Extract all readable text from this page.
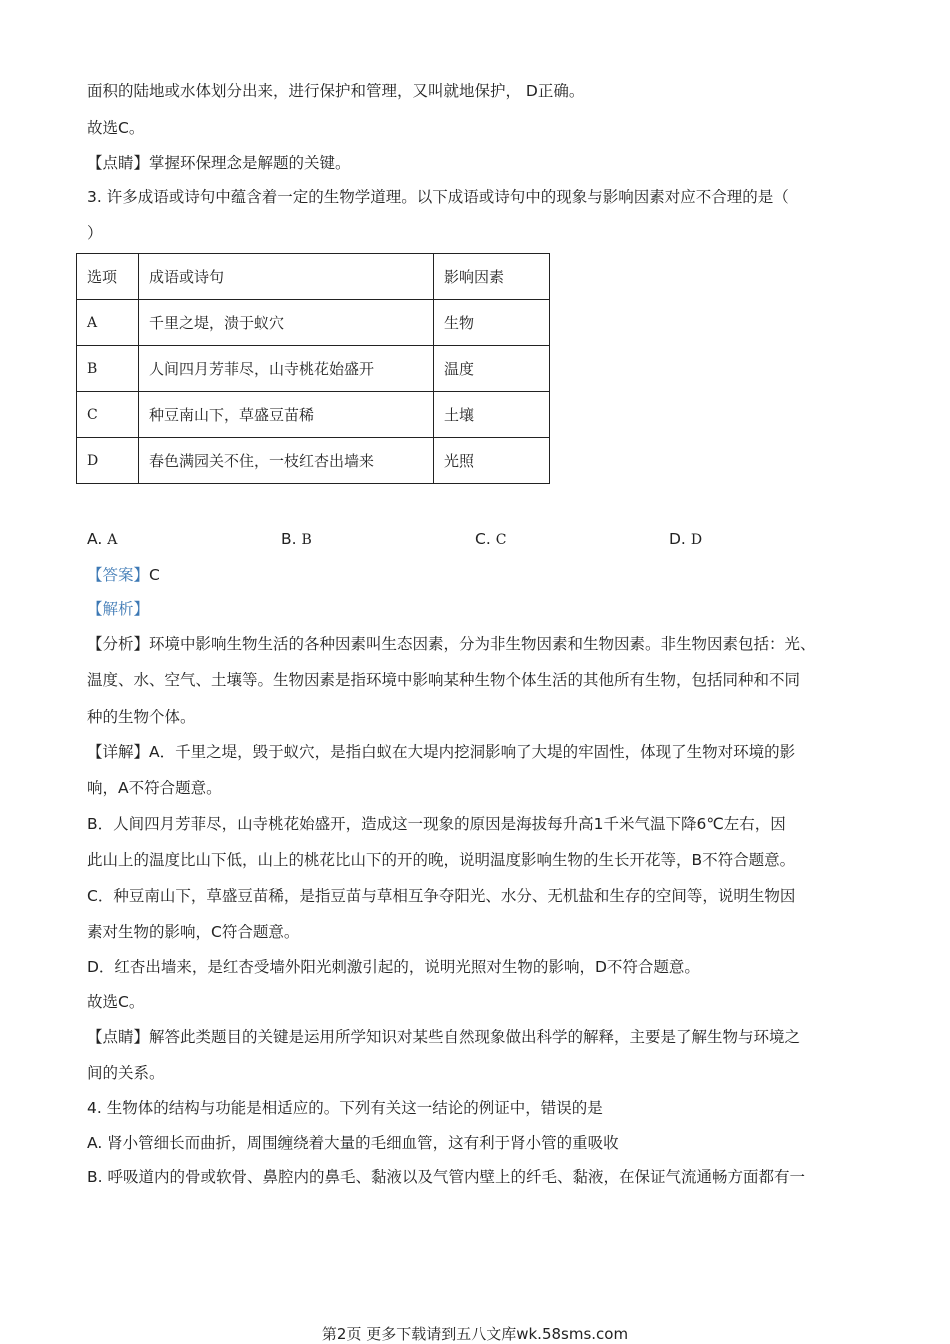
面积的陆地或水体划分出来，进行保护和管理，又叫就地保护， D正确。
故选C。
【点睛】掌握环保理念是解题的关键。
3. 许多成语或诗句中蕴含着一定的生物学道理。以下成语或诗句中的现象与影响因素对应不合理的是（
）
选项	成语或诗句	影响因素
A	千里之堤，溃于蚁穴	生物
B	人间四月芳菲尽，山寺桃花始盛开	温度
C	种豆南山下，草盛豆苗稀	土壤
D	春色满园关不住，一枝红杏出墙来	光照
A. A	B. B	C. C	D. D
【答案】C
【解析】
【分析】环境中影响生物生活的各种因素叫生态因素，分为非生物因素和生物因素。非生物因素包括：光、
温度、水、空气、土壤等。生物因素是指环境中影响某种生物个体生活的其他所有生物，包括同种和不同
种的生物个体。
【详解】A．千里之堤，毁于蚁穴，是指白蚁在大堤内挖洞影响了大堤的牢固性，体现了生物对环境的影
响，A不符合题意。
B．人间四月芳菲尽，山寺桃花始盛开，造成这一现象的原因是海拔每升高1千米气温下降6℃左右，因
此山上的温度比山下低，山上的桃花比山下的开的晚，说明温度影响生物的生长开花等，B不符合题意。
C．种豆南山下，草盛豆苗稀，是指豆苗与草相互争夺阳光、水分、无机盐和生存的空间等，说明生物因
素对生物的影响，C符合题意。
D．红杏出墙来，是红杏受墙外阳光刺激引起的，说明光照对生物的影响，D不符合题意。
故选C。
【点睛】解答此类题目的关键是运用所学知识对某些自然现象做出科学的解释，主要是了解生物与环境之
间的关系。
4. 生物体的结构与功能是相适应的。下列有关这一结论的例证中，错误的是
A. 肾小管细长而曲折，周围缠绕着大量的毛细血管，这有利于肾小管的重吸收
B. 呼吸道内的骨或软骨、鼻腔内的鼻毛、黏液以及气管内壁上的纤毛、黏液，在保证气流通畅方面都有一
第2页 更多下载请到五八文库wk.58sms.com
